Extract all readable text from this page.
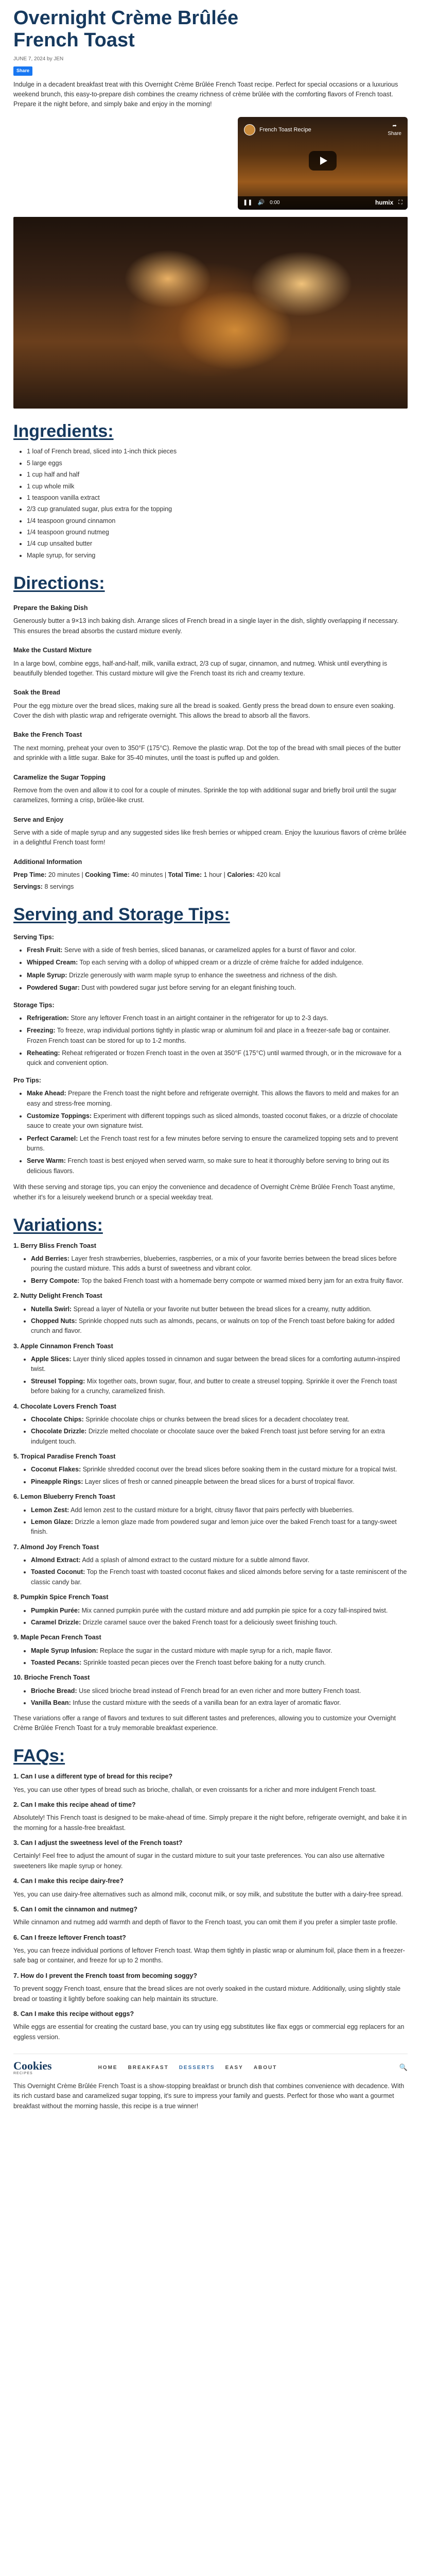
Overnight Crème Brûlée French Toast
JUNE 7, 2024 by JEN
Share

Indulge in a decadent breakfast treat with this Overnight Crème Brûlée French Toast recipe. Perfect for special occasions or a luxurious weekend brunch, this easy-to-prepare dish combines the creamy richness of crème brûlée with the comforting flavors of French toast. Prepare it the night before, and simply bake and enjoy in the morning!

French Toast Recipe
➦
Share
❚❚ 🔊 0:00	humix ⛶
Ingredients:
• 1 loaf of French bread, sliced into 1-inch thick pieces
• 5 large eggs
• 1 cup half and half
• 1 cup whole milk
• 1 teaspoon vanilla extract
• 2/3 cup granulated sugar, plus extra for the topping
• 1/4 teaspoon ground cinnamon
• 1/4 teaspoon ground nutmeg
• 1/4 cup unsalted butter
• Maple syrup, for serving
Directions:
Prepare the Baking Dish

Generously butter a 9×13 inch baking dish. Arrange slices of French bread in a single layer in the dish, slightly overlapping if necessary. This ensures the bread absorbs the custard mixture evenly.

Make the Custard Mixture

In a large bowl, combine eggs, half-and-half, milk, vanilla extract, 2/3 cup of sugar, cinnamon, and nutmeg. Whisk until everything is beautifully blended together. This custard mixture will give the French toast its rich and creamy texture.

Soak the Bread

Pour the egg mixture over the bread slices, making sure all the bread is soaked. Gently press the bread down to ensure even soaking. Cover the dish with plastic wrap and refrigerate overnight. This allows the bread to absorb all the flavors.

Bake the French Toast

The next morning, preheat your oven to 350°F (175°C). Remove the plastic wrap. Dot the top of the bread with small pieces of the butter and sprinkle with a little sugar. Bake for 35-40 minutes, until the toast is puffed up and golden.

Caramelize the Sugar Topping

Remove from the oven and allow it to cool for a couple of minutes. Sprinkle the top with additional sugar and briefly broil until the sugar caramelizes, forming a crisp, brûlée-like crust.

Serve and Enjoy

Serve with a side of maple syrup and any suggested sides like fresh berries or whipped cream. Enjoy the luxurious flavors of crème brûlée in a delightful French toast form!

Additional Information

Prep Time: 20 minutes | Cooking Time: 40 minutes | Total Time: 1 hour | Calories: 420 kcal

Servings: 8 servings

Serving and Storage Tips:
Serving Tips:
• Fresh Fruit: Serve with a side of fresh berries, sliced bananas, or caramelized apples for a burst of flavor and color.
• Whipped Cream: Top each serving with a dollop of whipped cream or a drizzle of crème fraîche for added indulgence.
• Maple Syrup: Drizzle generously with warm maple syrup to enhance the sweetness and richness of the dish.
• Powdered Sugar: Dust with powdered sugar just before serving for an elegant finishing touch.
Storage Tips:
• Refrigeration: Store any leftover French toast in an airtight container in the refrigerator for up to 2-3 days.
• Freezing: To freeze, wrap individual portions tightly in plastic wrap or aluminum foil and place in a freezer-safe bag or container. Frozen French toast can be stored for up to 1-2 months.
• Reheating: Reheat refrigerated or frozen French toast in the oven at 350°F (175°C) until warmed through, or in the microwave for a quick and convenient option.
Pro Tips:
• Make Ahead: Prepare the French toast the night before and refrigerate overnight. This allows the flavors to meld and makes for an easy and stress-free morning.
• Customize Toppings: Experiment with different toppings such as sliced almonds, toasted coconut flakes, or a drizzle of chocolate sauce to create your own signature twist.
• Perfect Caramel: Let the French toast rest for a few minutes before serving to ensure the caramelized topping sets and to prevent burns.
• Serve Warm: French toast is best enjoyed when served warm, so make sure to heat it thoroughly before serving to bring out its delicious flavors.

With these serving and storage tips, you can enjoy the convenience and decadence of Overnight Crème Brûlée French Toast anytime, whether it's for a leisurely weekend brunch or a special weekday treat.

Variations:
1. Berry Bliss French Toast
• Add Berries: Layer fresh strawberries, blueberries, raspberries, or a mix of your favorite berries between the bread slices before pouring the custard mixture. This adds a burst of sweetness and vibrant color.
• Berry Compote: Top the baked French toast with a homemade berry compote or warmed mixed berry jam for an extra fruity flavor.
2. Nutty Delight French Toast
• Nutella Swirl: Spread a layer of Nutella or your favorite nut butter between the bread slices for a creamy, nutty addition.
• Chopped Nuts: Sprinkle chopped nuts such as almonds, pecans, or walnuts on top of the French toast before baking for added crunch and flavor.
3. Apple Cinnamon French Toast
• Apple Slices: Layer thinly sliced apples tossed in cinnamon and sugar between the bread slices for a comforting autumn-inspired twist.
• Streusel Topping: Mix together oats, brown sugar, flour, and butter to create a streusel topping. Sprinkle it over the French toast before baking for a crunchy, caramelized finish.
4. Chocolate Lovers French Toast
• Chocolate Chips: Sprinkle chocolate chips or chunks between the bread slices for a decadent chocolatey treat.
• Chocolate Drizzle: Drizzle melted chocolate or chocolate sauce over the baked French toast just before serving for an extra indulgent touch.
5. Tropical Paradise French Toast
• Coconut Flakes: Sprinkle shredded coconut over the bread slices before soaking them in the custard mixture for a tropical twist.
• Pineapple Rings: Layer slices of fresh or canned pineapple between the bread slices for a burst of tropical flavor.
6. Lemon Blueberry French Toast
• Lemon Zest: Add lemon zest to the custard mixture for a bright, citrusy flavor that pairs perfectly with blueberries.
• Lemon Glaze: Drizzle a lemon glaze made from powdered sugar and lemon juice over the baked French toast for a tangy-sweet finish.
7. Almond Joy French Toast
• Almond Extract: Add a splash of almond extract to the custard mixture for a subtle almond flavor.
• Toasted Coconut: Top the French toast with toasted coconut flakes and sliced almonds before serving for a taste reminiscent of the classic candy bar.
8. Pumpkin Spice French Toast
• Pumpkin Purée: Mix canned pumpkin purée with the custard mixture and add pumpkin pie spice for a cozy fall-inspired twist.
• Caramel Drizzle: Drizzle caramel sauce over the baked French toast for a deliciously sweet finishing touch.
9. Maple Pecan French Toast
• Maple Syrup Infusion: Replace the sugar in the custard mixture with maple syrup for a rich, maple flavor.
• Toasted Pecans: Sprinkle toasted pecan pieces over the French toast before baking for a nutty crunch.
10. Brioche French Toast
• Brioche Bread: Use sliced brioche bread instead of French bread for an even richer and more buttery French toast.
• Vanilla Bean: Infuse the custard mixture with the seeds of a vanilla bean for an extra layer of aromatic flavor.

These variations offer a range of flavors and textures to suit different tastes and preferences, allowing you to customize your Overnight Crème Brûlée French Toast for a truly memorable breakfast experience.

FAQs:
1. Can I use a different type of bread for this recipe?

Yes, you can use other types of bread such as brioche, challah, or even croissants for a richer and more indulgent French toast.

2. Can I make this recipe ahead of time?

Absolutely! This French toast is designed to be make-ahead of time. Simply prepare it the night before, refrigerate overnight, and bake it in the morning for a hassle-free breakfast.

3. Can I adjust the sweetness level of the French toast?

Certainly! Feel free to adjust the amount of sugar in the custard mixture to suit your taste preferences. You can also use alternative sweeteners like maple syrup or honey.

4. Can I make this recipe dairy-free?

Yes, you can use dairy-free alternatives such as almond milk, coconut milk, or soy milk, and substitute the butter with a dairy-free spread.

5. Can I omit the cinnamon and nutmeg?

While cinnamon and nutmeg add warmth and depth of flavor to the French toast, you can omit them if you prefer a simpler taste profile.

6. Can I freeze leftover French toast?

Yes, you can freeze individual portions of leftover French toast. Wrap them tightly in plastic wrap or aluminum foil, place them in a freezer-safe bag or container, and freeze for up to 2 months.

7. How do I prevent the French toast from becoming soggy?

To prevent soggy French toast, ensure that the bread slices are not overly soaked in the custard mixture. Additionally, using slightly stale bread or toasting it lightly before soaking can help maintain its structure.

8. Can I make this recipe without eggs?

While eggs are essential for creating the custard base, you can try using egg substitutes like flax eggs or commercial egg replacers for an eggless version.

Cookies
RECIPES
HOME BREAKFAST DESSERTS EASY ABOUT	🔍

This Overnight Crème Brûlée French Toast is a show-stopping breakfast or brunch dish that combines convenience with decadence. With its rich custard base and caramelized sugar topping, it's sure to impress your family and guests. Perfect for those who want a gourmet breakfast without the morning hassle, this recipe is a true winner!
